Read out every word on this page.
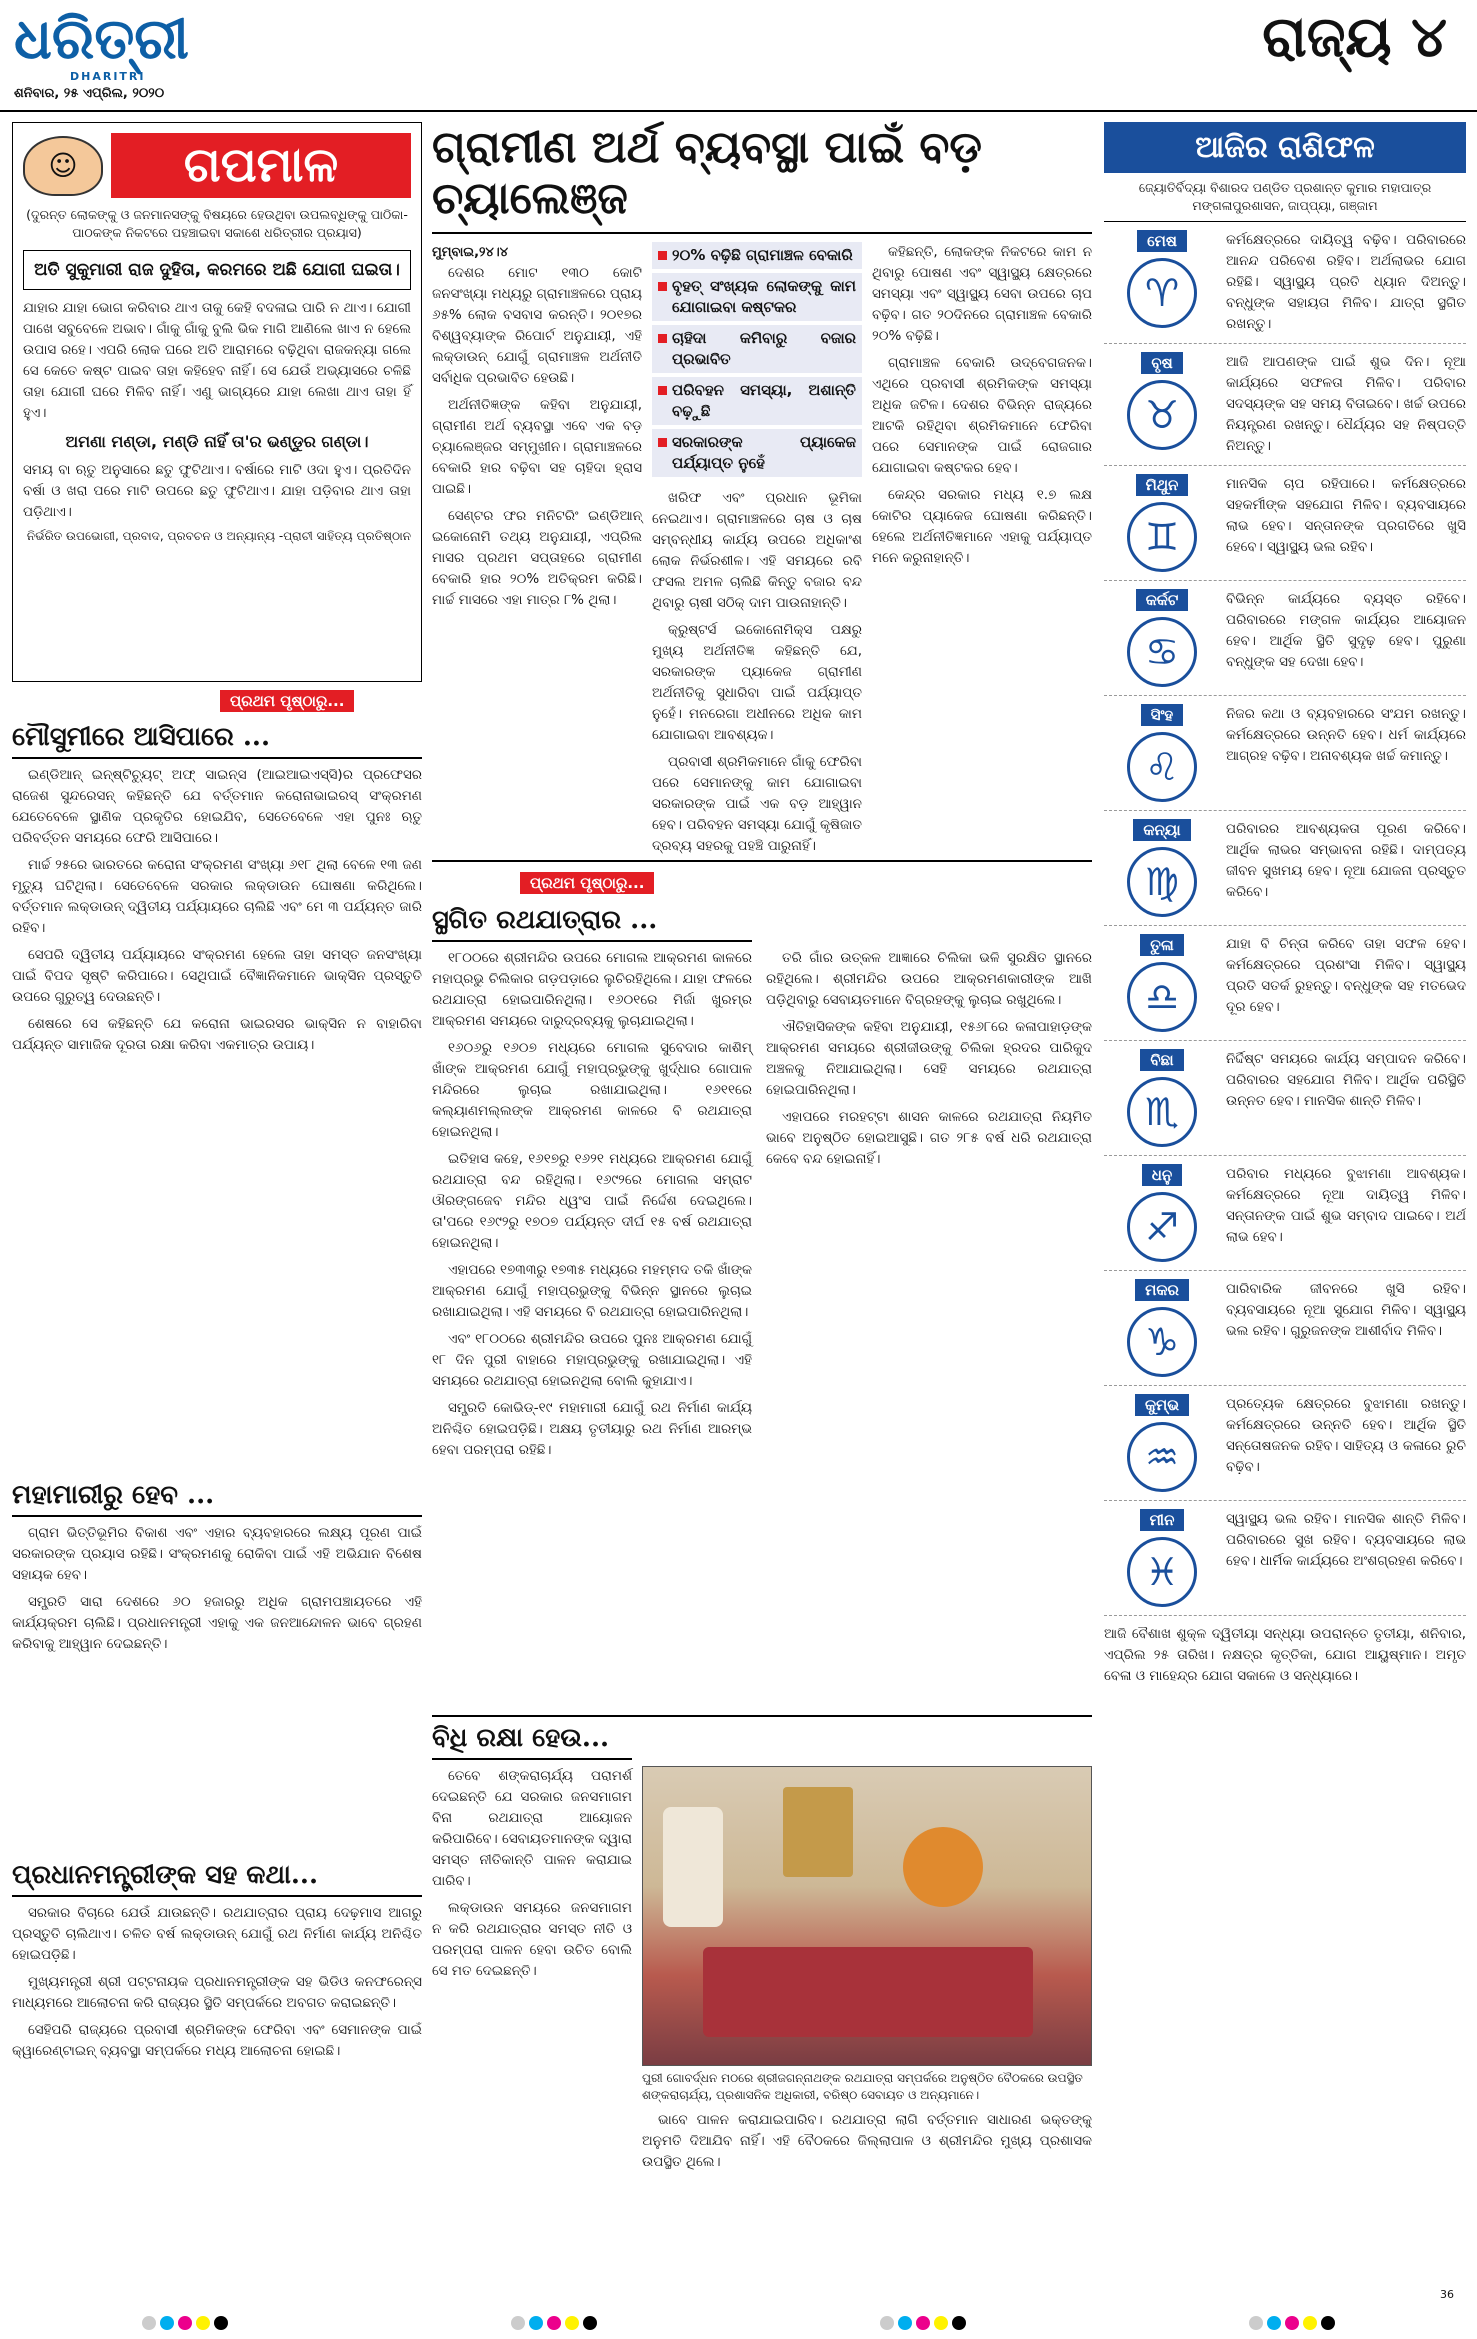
ଧରିତ୍ରୀ
DHARITRI
ଶନିବାର, ୨୫ ଏପ୍ରିଲ, ୨୦୨୦
ରାଜ୍ୟ ୪
☺	ଗପମାଳ
(ଦୁରନ୍ତ ଲୋକଙ୍କୁ ଓ ଜନମାନସଙ୍କୁ ବିଷୟରେ ହେଉଥିବା ଉପଲବ୍ଧିଙ୍କୁ ପାଠିକା-ପାଠକଙ୍କ ନିକଟରେ ପହଞ୍ଚାଇବା ସକାଶେ ଧରିତ୍ରୀର ପ୍ରୟାସ)
ଅତି ସୁକୁମାରୀ ରାଜ ଦୁହିତା, କରମରେ ଅଛି ଯୋଗୀ ଘଇତା।
ଯାହାର ଯାହା ଭୋଗ କରିବାର ଥାଏ ତାକୁ କେହି ବଦଳାଇ ପାରି ନ ଥାଏ। ଯୋଗୀ ପାଖେ ସବୁବେଳେ ଅଭାବ। ଗାଁକୁ ଗାଁକୁ ବୁଲି ଭିକ ମାଗି ଆଣିଲେ ଖାଏ ନ ହେଲେ ଉପାସ ରହେ। ଏପରି ଲୋକ ଘରେ ଅତି ଆରାମରେ ବଢ଼ିଥିବା ରାଜକନ୍ୟା ଗଲେ ସେ କେତେ କଷ୍ଟ ପାଇବ ତାହା କହିହେବ ନାହିଁ। ସେ ଯେଉଁ ଅଭ୍ୟାସରେ ଚଳିଛି ତାହା ଯୋଗୀ ଘରେ ମିଳିବ ନାହିଁ। ଏଣୁ ଭାଗ୍ୟରେ ଯାହା ଲେଖା ଥାଏ ତାହା ହିଁ ହୁଏ।
ଅମଣା ମଣ୍ଡା, ମଣ୍ଡି ନାହିଁ ତା'ର ଭଣ୍ଡୁର ଗଣ୍ଡା।
ସମୟ ବା ଋତୁ ଅନୁସାରେ ଛତୁ ଫୁଟିଥାଏ। ବର୍ଷାରେ ମାଟି ଓଦା ହୁଏ। ପ୍ରତିଦିନ ବର୍ଷା ଓ ଖରା ପରେ ମାଟି ଉପରେ ଛତୁ ଫୁଟିଥାଏ। ଯାହା ପଡ଼ିବାର ଥାଏ ତାହା ପଡ଼ିଥାଏ।
ନିର୍ଭରିତ ଉପଭୋଗୀ, ପ୍ରବାଦ, ପ୍ରବଚନ ଓ ଅନ୍ୟାନ୍ୟ -ପ୍ରାଚୀ ସାହିତ୍ୟ ପ୍ରତିଷ୍ଠାନ
ପ୍ରଥମ ପୃଷ୍ଠାରୁ...
ମୌସୁମୀରେ ଆସିପାରେ ...

ଇଣ୍ଡିଆନ୍ ଇନ୍ଷ୍ଟିଚ୍ୟୁଟ୍ ଅଫ୍ ସାଇନ୍ସ (ଆଇଆଇଏସ୍ସି)ର ପ୍ରଫେସର ରାଜେଶ ସୁନ୍ଦରେସନ୍ କହିଛନ୍ତି ଯେ ବର୍ତ୍ତମାନ କରୋନାଭାଇରସ୍ ସଂକ୍ରମଣ ଯେତେବେଳେ ସ୍ଥାଣିକ ପ୍ରକୃତିର ହୋଇଯିବ, ସେତେବେଳେ ଏହା ପୁନଃ ଋତୁ ପରିବର୍ତ୍ତନ ସମୟରେ ଫେରି ଆସିପାରେ।

ମାର୍ଚ୍ଚ ୨୫ରେ ଭାରତରେ କରୋନା ସଂକ୍ରମଣ ସଂଖ୍ୟା ୬୧୮ ଥିଲା ବେଳେ ୧୩ ଜଣ ମୃତ୍ୟୁ ଘଟିଥିଲା। ସେତେବେଳେ ସରକାର ଲକ୍ଡାଉନ ଘୋଷଣା କରିଥିଲେ। ବର୍ତ୍ତମାନ ଲକ୍ଡାଉନ୍ ଦ୍ୱିତୀୟ ପର୍ଯ୍ୟାୟରେ ଚାଲିଛି ଏବଂ ମେ ୩ ପର୍ଯ୍ୟନ୍ତ ଜାରି ରହିବ।

ସେପରି ଦ୍ୱିତୀୟ ପର୍ଯ୍ୟାୟରେ ସଂକ୍ରମଣ ହେଲେ ତାହା ସମସ୍ତ ଜନସଂଖ୍ୟା ପାଇଁ ବିପଦ ସୃଷ୍ଟି କରିପାରେ। ସେଥିପାଇଁ ବୈଜ୍ଞାନିକମାନେ ଭାକ୍ସିନ ପ୍ରସ୍ତୁତି ଉପରେ ଗୁରୁତ୍ୱ ଦେଉଛନ୍ତି।

ଶେଷରେ ସେ କହିଛନ୍ତି ଯେ କରୋନା ଭାଇରସର ଭାକ୍ସିନ ନ ବାହାରିବା ପର୍ଯ୍ୟନ୍ତ ସାମାଜିକ ଦୂରତା ରକ୍ଷା କରିବା ଏକମାତ୍ର ଉପାୟ।

ମହାମାରୀରୁ ହେବ ...

ଗ୍ରାମ ଭିତ୍ତିଭୂମିର ବିକାଶ ଏବଂ ଏହାର ବ୍ୟବହାରରେ ଲକ୍ଷ୍ୟ ପୂରଣ ପାଇଁ ସରକାରଙ୍କ ପ୍ରୟାସ ରହିଛି। ସଂକ୍ରମଣକୁ ରୋକିବା ପାଇଁ ଏହି ଅଭିଯାନ ବିଶେଷ ସହାୟକ ହେବ।

ସମ୍ପ୍ରତି ସାରା ଦେଶରେ ୬୦ ହଜାରରୁ ଅଧିକ ଗ୍ରାମପଞ୍ଚାୟତରେ ଏହି କାର୍ଯ୍ୟକ୍ରମ ଚାଲିଛି। ପ୍ରଧାନମନ୍ତ୍ରୀ ଏହାକୁ ଏକ ଜନଆନ୍ଦୋଳନ ଭାବେ ଗ୍ରହଣ କରିବାକୁ ଆହ୍ୱାନ ଦେଇଛନ୍ତି।

ପ୍ରଧାନମନ୍ତ୍ରୀଙ୍କ ସହ କଥା...

ସରକାର ବିଚାରେ ଯେଉଁ ଯାଉଛନ୍ତି। ରଥଯାତ୍ରାର ପ୍ରାୟ ଦେଢ଼ମାସ ଆଗରୁ ପ୍ରସ୍ତୁତି ଚାଲିଥାଏ। ଚଳିତ ବର୍ଷ ଲକ୍ଡାଉନ୍ ଯୋଗୁଁ ରଥ ନିର୍ମାଣ କାର୍ଯ୍ୟ ଅନିଶ୍ଚିତ ହୋଇପଡ଼ିଛି।

ମୁଖ୍ୟମନ୍ତ୍ରୀ ଶ୍ରୀ ପଟ୍ଟନାୟକ ପ୍ରଧାନମନ୍ତ୍ରୀଙ୍କ ସହ ଭିଡିଓ କନଫରେନ୍ସ ମାଧ୍ୟମରେ ଆଲୋଚନା କରି ରାଜ୍ୟର ସ୍ଥିତି ସମ୍ପର୍କରେ ଅବଗତ କରାଇଛନ୍ତି।

ସେହିପରି ରାଜ୍ୟରେ ପ୍ରବାସୀ ଶ୍ରମିକଙ୍କ ଫେରିବା ଏବଂ ସେମାନଙ୍କ ପାଇଁ କ୍ୱାରେଣ୍ଟାଇନ୍ ବ୍ୟବସ୍ଥା ସମ୍ପର୍କରେ ମଧ୍ୟ ଆଲୋଚନା ହୋଇଛି।

ଗ୍ରାମୀଣ ଅର୍ଥ ବ୍ୟବସ୍ଥା ପାଇଁ ବଡ଼ ଚ୍ୟାଲେଞ୍ଜ
ମୁମ୍ବାଇ,୨୪।୪

ଦେଶର ମୋଟ ୧୩୦ କୋଟି ଜନସଂଖ୍ୟା ମଧ୍ୟରୁ ଗ୍ରାମାଞ୍ଚଳରେ ପ୍ରାୟ ୬୫% ଲୋକ ବସବାସ କରନ୍ତି। ୨୦୧୭ର ବିଶ୍ୱବ୍ୟାଙ୍କ ରିପୋର୍ଟ ଅନୁଯାୟୀ, ଏହି ଲକ୍ଡାଉନ୍ ଯୋଗୁଁ ଗ୍ରାମାଞ୍ଚଳ ଅର୍ଥନୀତି ସର୍ବାଧିକ ପ୍ରଭାବିତ ହେଉଛି।

ଅର୍ଥନୀତିଜ୍ଞଙ୍କ କହିବା ଅନୁଯାୟୀ, ଗ୍ରାମୀଣ ଅର୍ଥ ବ୍ୟବସ୍ଥା ଏବେ ଏକ ବଡ଼ ଚ୍ୟାଲେଞ୍ଜର ସମ୍ମୁଖୀନ। ଗ୍ରାମାଞ୍ଚଳରେ ବେକାରି ହାର ବଢ଼ିବା ସହ ଚାହିଦା ହ୍ରାସ ପାଇଛି।

ସେଣ୍ଟର ଫର ମନିଟରିଂ ଇଣ୍ଡିଆନ୍ ଇକୋନୋମି ତଥ୍ୟ ଅନୁଯାୟୀ, ଏପ୍ରିଲ ମାସର ପ୍ରଥମ ସପ୍ତାହରେ ଗ୍ରାମୀଣ ବେକାରି ହାର ୨୦% ଅତିକ୍ରମ କରିଛି। ମାର୍ଚ୍ଚ ମାସରେ ଏହା ମାତ୍ର ୮% ଥିଲା।

୨୦% ବଢ଼ିଛି ଗ୍ରାମାଞ୍ଚଳ ବେକାରି
ବୃହତ୍ ସଂଖ୍ୟକ ଲୋକଙ୍କୁ କାମ ଯୋଗାଇବା କଷ୍ଟକର
ଚାହିଦା କମିବାରୁ ବଜାର ପ୍ରଭାବିତ
ପରିବହନ ସମସ୍ୟା, ଅଶାନ୍ତି ବଢ଼ୁଛି
ସରକାରଙ୍କ ପ୍ୟାକେଜ ପର୍ଯ୍ୟାପ୍ତ ନୁହେଁ

ଖରିଫ ଏବଂ ପ୍ରଧାନ ଭୂମିକା ନେଇଥାଏ। ଗ୍ରାମାଞ୍ଚଳରେ ଚାଷ ଓ ଚାଷ ସମ୍ବନ୍ଧୀୟ କାର୍ଯ୍ୟ ଉପରେ ଅଧିକାଂଶ ଲୋକ ନିର୍ଭରଶୀଳ। ଏହି ସମୟରେ ରବି ଫସଲ ଅମଳ ଚାଲିଛି କିନ୍ତୁ ବଜାର ବନ୍ଦ ଥିବାରୁ ଚାଷୀ ସଠିକ୍ ଦାମ ପାଉନାହାନ୍ତି।

କ୍ରୁଷ୍ଟର୍ସ ଇକୋନୋମିକ୍ସ ପକ୍ଷରୁ ମୁଖ୍ୟ ଅର୍ଥନୀତିଜ୍ଞ କହିଛନ୍ତି ଯେ, ସରକାରଙ୍କ ପ୍ୟାକେଜ ଗ୍ରାମୀଣ ଅର୍ଥନୀତିକୁ ସୁଧାରିବା ପାଇଁ ପର୍ଯ୍ୟାପ୍ତ ନୁହେଁ। ମନରେଗା ଅଧୀନରେ ଅଧିକ କାମ ଯୋଗାଇବା ଆବଶ୍ୟକ।

ପ୍ରବାସୀ ଶ୍ରମିକମାନେ ଗାଁକୁ ଫେରିବା ପରେ ସେମାନଙ୍କୁ କାମ ଯୋଗାଇବା ସରକାରଙ୍କ ପାଇଁ ଏକ ବଡ଼ ଆହ୍ୱାନ ହେବ। ପରିବହନ ସମସ୍ୟା ଯୋଗୁଁ କୃଷିଜାତ ଦ୍ରବ୍ୟ ସହରକୁ ପହଞ୍ଚି ପାରୁନାହିଁ।

କହିଛନ୍ତି, ଲୋକଙ୍କ ନିକଟରେ କାମ ନ ଥିବାରୁ ପୋଷଣ ଏବଂ ସ୍ୱାସ୍ଥ୍ୟ କ୍ଷେତ୍ରରେ ସମସ୍ୟା ଏବଂ ସ୍ୱାସ୍ଥ୍ୟ ସେବା ଉପରେ ଚାପ ବଢ଼ିବ। ଗତ ୨୦ଦିନରେ ଗ୍ରାମାଞ୍ଚଳ ବେକାରି ୨୦% ବଢ଼ିଛି।

ଗ୍ରାମାଞ୍ଚଳ ବେକାରି ଉଦ୍ବେଗଜନକ। ଏଥିରେ ପ୍ରବାସୀ ଶ୍ରମିକଙ୍କ ସମସ୍ୟା ଅଧିକ ଜଟିଳ। ଦେଶର ବିଭିନ୍ନ ରାଜ୍ୟରେ ଆଟକି ରହିଥିବା ଶ୍ରମିକମାନେ ଫେରିବା ପରେ ସେମାନଙ୍କ ପାଇଁ ରୋଜଗାର ଯୋଗାଇବା କଷ୍ଟକର ହେବ।

କେନ୍ଦ୍ର ସରକାର ମଧ୍ୟ ୧.୭ ଲକ୍ଷ କୋଟିର ପ୍ୟାକେଜ ଘୋଷଣା କରିଛନ୍ତି। ହେଲେ ଅର୍ଥନୀତିଜ୍ଞମାନେ ଏହାକୁ ପର୍ଯ୍ୟାପ୍ତ ମନେ କରୁନାହାନ୍ତି।

ପ୍ରଥମ ପୃଷ୍ଠାରୁ...
ସ୍ଥଗିତ ରଥଯାତ୍ରାର ...

୧୮୦୦ରେ ଶ୍ରୀମନ୍ଦିର ଉପରେ ମୋଗଲ ଆକ୍ରମଣ କାଳରେ ମହାପ୍ରଭୁ ଚିଲିକାର ଗଡ଼ପଡ଼ାରେ ଲୁଚିରହିଥିଲେ। ଯାହା ଫଳରେ ରଥଯାତ୍ରା ହୋଇପାରିନଥିଲା। ୧୬୦୧ରେ ମିର୍ଜା ଖୁରମ୍ର ଆକ୍ରମଣ ସମୟରେ ଦାରୁଦ୍ରବ୍ୟକୁ ଲୁଚାଯାଇଥିଲା।

୧୬୦୬ରୁ ୧୬୦୭ ମଧ୍ୟରେ ମୋଗଲ ସୁବେଦାର କାଶିମ୍ ଖାଁଙ୍କ ଆକ୍ରମଣ ଯୋଗୁଁ ମହାପ୍ରଭୁଙ୍କୁ ଖୁର୍ଦ୍ଧାର ଗୋପାଳ ମନ୍ଦିରରେ ଲୁଚାଇ ରଖାଯାଇଥିଲା। ୧୬୧୧ରେ କଲ୍ୟାଣମଲ୍ଲଙ୍କ ଆକ୍ରମଣ କାଳରେ ବି ରଥଯାତ୍ରା ହୋଇନଥିଲା।

ଇତିହାସ କହେ, ୧୬୧୭ରୁ ୧୬୨୧ ମଧ୍ୟରେ ଆକ୍ରମଣ ଯୋଗୁଁ ରଥଯାତ୍ରା ବନ୍ଦ ରହିଥିଲା। ୧୬୯୨ରେ ମୋଗଲ ସମ୍ରାଟ ଔରଙ୍ଗଜେବ ମନ୍ଦିର ଧ୍ୱଂସ ପାଇଁ ନିର୍ଦ୍ଦେଶ ଦେଇଥିଲେ। ତା'ପରେ ୧୬୯୨ରୁ ୧୭୦୭ ପର୍ଯ୍ୟନ୍ତ ଦୀର୍ଘ ୧୫ ବର୍ଷ ରଥଯାତ୍ରା ହୋଇନଥିଲା।

ଏହାପରେ ୧୭୩୩ରୁ ୧୭୩୫ ମଧ୍ୟରେ ମହମ୍ମଦ ତକି ଖାଁଙ୍କ ଆକ୍ରମଣ ଯୋଗୁଁ ମହାପ୍ରଭୁଙ୍କୁ ବିଭିନ୍ନ ସ୍ଥାନରେ ଲୁଚାଇ ରଖାଯାଇଥିଲା। ଏହି ସମୟରେ ବି ରଥଯାତ୍ରା ହୋଇପାରିନଥିଲା।

ଏବଂ ୧୮୦୦ରେ ଶ୍ରୀମନ୍ଦିର ଉପରେ ପୁନଃ ଆକ୍ରମଣ ଯୋଗୁଁ ୧୮ ଦିନ ପୁରୀ ବାହାରେ ମହାପ୍ରଭୁଙ୍କୁ ରଖାଯାଇଥିଲା। ଏହି ସମୟରେ ରଥଯାତ୍ରା ହୋଇନଥିଲା ବୋଲି କୁହାଯାଏ।

ସମ୍ପ୍ରତି କୋଭିଡ୍-୧୯ ମହାମାରୀ ଯୋଗୁଁ ରଥ ନିର୍ମାଣ କାର୍ଯ୍ୟ ଅନିଶ୍ଚିତ ହୋଇପଡ଼ିଛି। ଅକ୍ଷୟ ତୃତୀୟାରୁ ରଥ ନିର୍ମାଣ ଆରମ୍ଭ ହେବା ପରମ୍ପରା ରହିଛି।

ତରି ଗାଁର ଉତ୍କଳ ଆଜ୍ଞାରେ ଚିଲିକା ଭଳି ସୁରକ୍ଷିତ ସ୍ଥାନରେ ରହିଥିଲେ। ଶ୍ରୀମନ୍ଦିର ଉପରେ ଆକ୍ରମଣକାରୀଙ୍କ ଆଖି ପଡ଼ିଥିବାରୁ ସେବାୟତମାନେ ବିଗ୍ରହଙ୍କୁ ଲୁଚାଇ ରଖୁଥିଲେ।

ଐତିହାସିକଙ୍କ କହିବା ଅନୁଯାୟୀ, ୧୫୬୮ରେ କଳାପାହାଡ଼ଙ୍କ ଆକ୍ରମଣ ସମୟରେ ଶ୍ରୀଜୀଉଙ୍କୁ ଚିଲିକା ହ୍ରଦର ପାରିକୁଦ ଅଞ୍ଚଳକୁ ନିଆଯାଇଥିଲା। ସେହି ସମୟରେ ରଥଯାତ୍ରା ହୋଇପାରିନଥିଲା।

ଏହାପରେ ମରହଟ୍ଟା ଶାସନ କାଳରେ ରଥଯାତ୍ରା ନିୟମିତ ଭାବେ ଅନୁଷ୍ଠିତ ହୋଇଆସୁଛି। ଗତ ୨୮୫ ବର୍ଷ ଧରି ରଥଯାତ୍ରା କେବେ ବନ୍ଦ ହୋଇନାହିଁ।

ବିଧି ରକ୍ଷା ହେଉ...

ତେବେ ଶଙ୍କରାଚାର୍ଯ୍ୟ ପରାମର୍ଶ ଦେଇଛନ୍ତି ଯେ ସରକାର ଜନସମାଗମ ବିନା ରଥଯାତ୍ରା ଆୟୋଜନ କରିପାରିବେ। ସେବାୟତମାନଙ୍କ ଦ୍ୱାରା ସମସ୍ତ ନୀତିକାନ୍ତି ପାଳନ କରାଯାଇ ପାରିବ।

ଲକ୍ଡାଉନ ସମୟରେ ଜନସମାଗମ ନ କରି ରଥଯାତ୍ରାର ସମସ୍ତ ନୀତି ଓ ପରମ୍ପରା ପାଳନ ହେବା ଉଚିତ ବୋଲି ସେ ମତ ଦେଇଛନ୍ତି।

ପୁରୀ ଗୋବର୍ଦ୍ଧନ ମଠରେ ଶ୍ରୀଜଗନ୍ନାଥଙ୍କ ରଥଯାତ୍ରା ସମ୍ପର୍କରେ ଅନୁଷ୍ଠିତ ବୈଠକରେ ଉପସ୍ଥିତ ଶଙ୍କରାଚାର୍ଯ୍ୟ, ପ୍ରଶାସନିକ ଅଧିକାରୀ, ବରିଷ୍ଠ ସେବାୟତ ଓ ଅନ୍ୟମାନେ।

ଭାବେ ପାଳନ କରାଯାଇପାରିବ। ରଥଯାତ୍ରା ଲାଗି ବର୍ତ୍ତମାନ ସାଧାରଣ ଭକ୍ତଙ୍କୁ ଅନୁମତି ଦିଆଯିବ ନାହିଁ। ଏହି ବୈଠକରେ ଜିଲ୍ଲାପାଳ ଓ ଶ୍ରୀମନ୍ଦିର ମୁଖ୍ୟ ପ୍ରଶାସକ ଉପସ୍ଥିତ ଥିଲେ।

ଆଜିର ରାଶିଫଳ
ଜ୍ୟୋତିର୍ବିଦ୍ୟା ବିଶାରଦ ପଣ୍ଡିତ ପ୍ରଶାନ୍ତ କୁମାର ମହାପାତ୍ର ମଙ୍ଗଳାପୁରଶାସନ, ଜାପ୍ପ୍ୟା, ଗଞ୍ଜାମ
ମେଷ
♈
କର୍ମକ୍ଷେତ୍ରରେ ଦାୟିତ୍ୱ ବଢ଼ିବ। ପରିବାରରେ ଆନନ୍ଦ ପରିବେଶ ରହିବ। ଅର୍ଥଲାଭର ଯୋଗ ରହିଛି। ସ୍ୱାସ୍ଥ୍ୟ ପ୍ରତି ଧ୍ୟାନ ଦିଅନ୍ତୁ। ବନ୍ଧୁଙ୍କ ସହାୟତା ମିଳିବ। ଯାତ୍ରା ସ୍ଥଗିତ ରଖନ୍ତୁ।
ବୃଷ
♉
ଆଜି ଆପଣଙ୍କ ପାଇଁ ଶୁଭ ଦିନ। ନୂଆ କାର୍ଯ୍ୟରେ ସଫଳତା ମିଳିବ। ପରିବାର ସଦସ୍ୟଙ୍କ ସହ ସମୟ ବିତାଇବେ। ଖର୍ଚ୍ଚ ଉପରେ ନିୟନ୍ତ୍ରଣ ରଖନ୍ତୁ। ଧୈର୍ଯ୍ୟର ସହ ନିଷ୍ପତ୍ତି ନିଅନ୍ତୁ।
ମିଥୁନ
♊
ମାନସିକ ଚାପ ରହିପାରେ। କର୍ମକ୍ଷେତ୍ରରେ ସହକର୍ମୀଙ୍କ ସହଯୋଗ ମିଳିବ। ବ୍ୟବସାୟରେ ଲାଭ ହେବ। ସନ୍ତାନଙ୍କ ପ୍ରଗତିରେ ଖୁସି ହେବେ। ସ୍ୱାସ୍ଥ୍ୟ ଭଲ ରହିବ।
କର୍କଟ
♋
ବିଭିନ୍ନ କାର୍ଯ୍ୟରେ ବ୍ୟସ୍ତ ରହିବେ। ପରିବାରରେ ମଙ୍ଗଳ କାର୍ଯ୍ୟର ଆୟୋଜନ ହେବ। ଆର୍ଥିକ ସ୍ଥିତି ସୁଦୃଢ଼ ହେବ। ପୁରୁଣା ବନ୍ଧୁଙ୍କ ସହ ଦେଖା ହେବ।
ସିଂହ
♌
ନିଜର କଥା ଓ ବ୍ୟବହାରରେ ସଂଯମ ରଖନ୍ତୁ। କର୍ମକ୍ଷେତ୍ରରେ ଉନ୍ନତି ହେବ। ଧର୍ମ କାର୍ଯ୍ୟରେ ଆଗ୍ରହ ବଢ଼ିବ। ଅନାବଶ୍ୟକ ଖର୍ଚ୍ଚ କମାନ୍ତୁ।
କନ୍ୟା
♍
ପରିବାରର ଆବଶ୍ୟକତା ପୂରଣ କରିବେ। ଆର୍ଥିକ ଲାଭର ସମ୍ଭାବନା ରହିଛି। ଦାମ୍ପତ୍ୟ ଜୀବନ ସୁଖମୟ ହେବ। ନୂଆ ଯୋଜନା ପ୍ରସ୍ତୁତ କରିବେ।
ତୁଳା
♎
ଯାହା ବି ଚିନ୍ତା କରିବେ ତାହା ସଫଳ ହେବ। କର୍ମକ୍ଷେତ୍ରରେ ପ୍ରଶଂସା ମିଳିବ। ସ୍ୱାସ୍ଥ୍ୟ ପ୍ରତି ସତର୍କ ରୁହନ୍ତୁ। ବନ୍ଧୁଙ୍କ ସହ ମତଭେଦ ଦୂର ହେବ।
ବିଛା
♏
ନିର୍ଦ୍ଦିଷ୍ଟ ସମୟରେ କାର୍ଯ୍ୟ ସମ୍ପାଦନ କରିବେ। ପରିବାରର ସହଯୋଗ ମିଳିବ। ଆର୍ଥିକ ପରିସ୍ଥିତି ଉନ୍ନତ ହେବ। ମାନସିକ ଶାନ୍ତି ମିଳିବ।
ଧନୁ
♐
ପରିବାର ମଧ୍ୟରେ ବୁଝାମଣା ଆବଶ୍ୟକ। କର୍ମକ୍ଷେତ୍ରରେ ନୂଆ ଦାୟିତ୍ୱ ମିଳିବ। ସନ୍ତାନଙ୍କ ପାଇଁ ଶୁଭ ସମ୍ବାଦ ପାଇବେ। ଅର୍ଥ ଲାଭ ହେବ।
ମକର
♑
ପାରିବାରିକ ଜୀବନରେ ଖୁସି ରହିବ। ବ୍ୟବସାୟରେ ନୂଆ ସୁଯୋଗ ମିଳିବ। ସ୍ୱାସ୍ଥ୍ୟ ଭଲ ରହିବ। ଗୁରୁଜନଙ୍କ ଆଶୀର୍ବାଦ ମିଳିବ।
କୁମ୍ଭ
♒
ପ୍ରତ୍ୟେକ କ୍ଷେତ୍ରରେ ବୁଝାମଣା ରଖନ୍ତୁ। କର୍ମକ୍ଷେତ୍ରରେ ଉନ୍ନତି ହେବ। ଆର୍ଥିକ ସ୍ଥିତି ସନ୍ତୋଷଜନକ ରହିବ। ସାହିତ୍ୟ ଓ କଳାରେ ରୁଚି ବଢ଼ିବ।
ମୀନ
♓
ସ୍ୱାସ୍ଥ୍ୟ ଭଲ ରହିବ। ମାନସିକ ଶାନ୍ତି ମିଳିବ। ପରିବାରରେ ସୁଖ ରହିବ। ବ୍ୟବସାୟରେ ଲାଭ ହେବ। ଧାର୍ମିକ କାର୍ଯ୍ୟରେ ଅଂଶଗ୍ରହଣ କରିବେ।
ଆଜି ବୈଶାଖ ଶୁକ୍ଳ ଦ୍ୱିତୀୟା ସନ୍ଧ୍ୟା ଉପରାନ୍ତେ ତୃତୀୟା, ଶନିବାର, ଏପ୍ରିଲ ୨୫ ତାରିଖ। ନକ୍ଷତ୍ର କୃତ୍ତିକା, ଯୋଗ ଆୟୁଷ୍ମାନ। ଅମୃତ ବେଳା ଓ ମାହେନ୍ଦ୍ର ଯୋଗ ସକାଳେ ଓ ସନ୍ଧ୍ୟାରେ।
36
